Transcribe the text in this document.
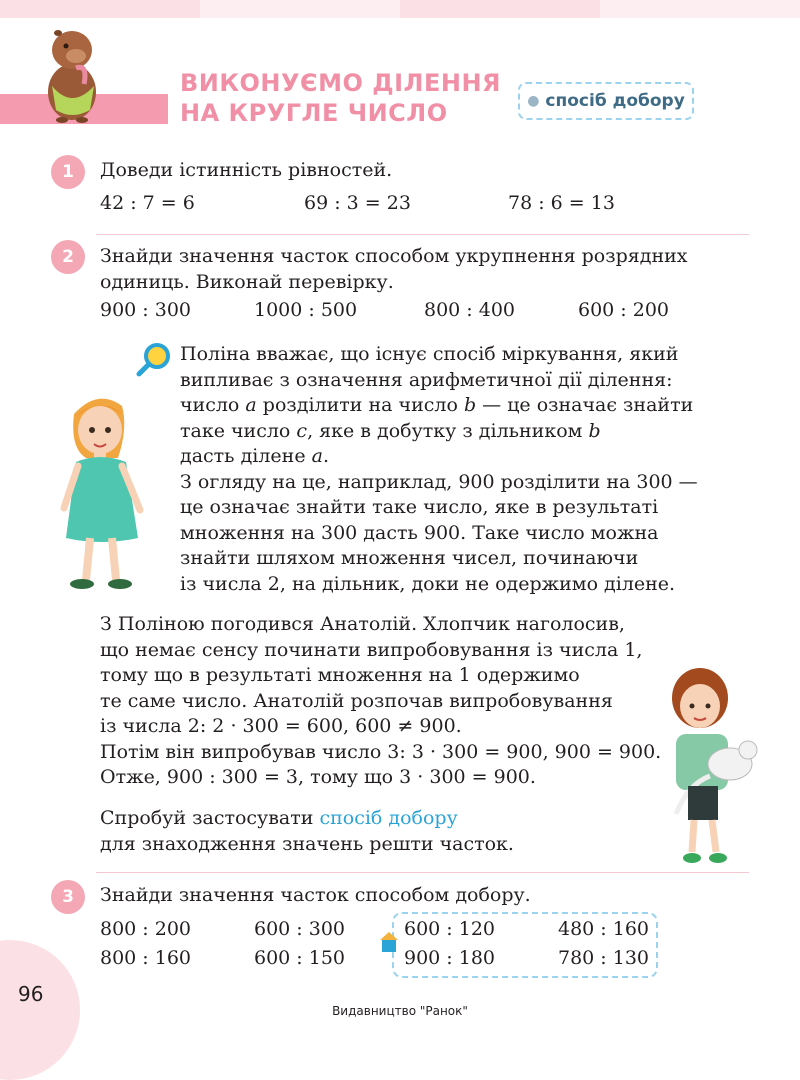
ВИКОНУЄМО ДІЛЕННЯ
НА КРУГЛЕ ЧИСЛО	● спосіб добору
1	Доведи істинність рівностей.
42 : 7 = 6	69 : 3 = 23	78 : 6 = 13
2	Знайди значення часток способом укрупнення розрядних
одиниць. Виконай перевірку.
900 : 300	1000 : 500	800 : 400	600 : 200
Поліна вважає, що існує спосіб міркування, який
випливає з означення арифметичної дії ділення:
число a розділити на число b — це означає знайти
таке число c, яке в добутку з дільником b
дасть ділене a.
З огляду на це, наприклад, 900 розділити на 300 —
це означає знайти таке число, яке в результаті
множення на 300 дасть 900. Таке число можна
знайти шляхом множення чисел, починаючи
із числа 2, на дільник, доки не одержимо ділене.
З Поліною погодився Анатолій. Хлопчик наголосив,
що немає сенсу починати випробовування із числа 1,
тому що в результаті множення на 1 одержимо
те саме число. Анатолій розпочав випробовування
із числа 2: 2 · 300 = 600, 600 ≠ 900.
Потім він випробував число 3: 3 · 300 = 900, 900 = 900.
Отже, 900 : 300 = 3, тому що 3 · 300 = 900.
Спробуй застосувати спосіб добору
для знаходження значень решти часток.
3	Знайди значення часток способом добору.
800 : 200	600 : 300	600 : 120	480 : 160
800 : 160	600 : 150	900 : 180	780 : 130
96
Видавництво "Ранок"
